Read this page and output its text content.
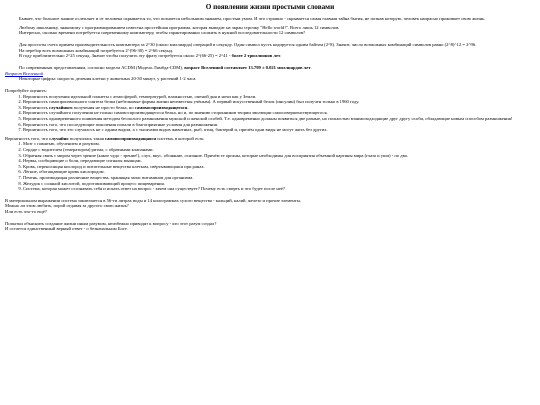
О появлении жизни простыми словами

Бывает, что большое знание ослепляет и от человека скрывается то, что познается небольшим знанием, простым умом. И что страшно - скрывается самая главная тайна бытия, не познав которую, человек напрасно проживает свою жизнь.

Любому школьнику, знакомому с программированием известна простейшая программа, которая выводит на экран строчку "Hello world!". Всего лишь 12 символов.

Интересно, сколько времени потребуется современному компьютеру, чтобы гарантированно сложить в нужной последовательности 12 символов?

Для простоты счета примем производительность компьютера за 2^30 (около миллиарда) операций в секунду. Один символ пусть кодируется одним байтом (2^8). Значит, число возможных комбинаций символов равно (2^8)^12 = 2^96.

На перебор всех возможных комбинаций потребуется 2^(96-30) = 2^66 секунд.

В году приблизительно 2^25 секунд. Значит чтобы получить эту фразу потребуется около 2^(66-25) = 2^41 - более 2 триллионов лет.

По современным представлениям, согласно модели ΛCDM (Модель Лямбда-CDM), возраст Вселенной составляет 13.799 ± 0.021 миллиардов лет.

Возраст Вселенной

Некоторые цифры: скорость деления клетки у животных 20-30 минут, у растений 1-2 часа.

Попробуйте оценить:

1. Вероятность получения идеальной планеты с атмосферой, температурой, влажностью, сменой дня и ночи как у Земли.
2. Вероятность самопроизвольного синтеза белка (небелковые формы жизни неизвестны учёным). А первый искусственный белок (инсулин) был получен только в 1960 году.
3. Вероятность случайного получения не просто белка, но самовоспроизводящегося.
4. Вероятность случайного получения не только самовоспроизводящегося белка, но и, по мнению сторонников теории эволюции самосовершенствующегося.
5. Вероятность одновременного появления методом бесполого размножения мужской и женской особей. Т.е. одновременно должны появиться две разные, но полностью взаимоподходящие друг другу особи, обладающие новым способом размножения!
6. Вероятность того, что последующие поколения попали в благоприятные условия для размножения.
7. Вероятность того, что это случилось не с одним видом, а с тысячами видов животных, рыб, птиц, бактерий и, причём одни виды не могут жить без других.

Вероятность того, что случайно получилась такая самовоспроизводящаяся система, в которой есть:

1. Мозг с памятью, обучением и разумом.
2. Сердце с водителем (генератором) ритма, с обратными клапанами.
3. Обратная связь с миром через зрение (какое чудо - зрение!), слух, вкус, обоняние, осязание. Причём те органы, которые необходимы для восприятия объемной картины мира (глаза и уши) - по два.
4. Нервы, сообщающие о боли, передающие сигналы мышцам.
5. Кровь, переносящая кислород и питательные вещества клеткам, свёртывающаяся при ранах.
6. Лёгкие, обогащающие кровь кислородом.
7. Печень, производящая различные вещества, хранящая запас витаминов для организма.
8. Желудок с соляной кислотой, подготавливающий процесс пищеварения.
9. Система, которая может осознавать себя и искать ответ на вопрос - зачем она существует? Почему есть смерть и что будет после неё?

В материальном выражении система заключается в 56-ти литрах воды и 14 килограммах сухого вещества - кальций, калий, железо и прочие элементы.

Можно ли этим любить, порой отдавая за другого свою жизнь?

Или есть что-то ещё?

Попытки объяснить создание жизни иным разумом, неизбежно приводят к вопросу - кто этот разум создал?

И остается единственный верный ответ - о безначальном Боге.
